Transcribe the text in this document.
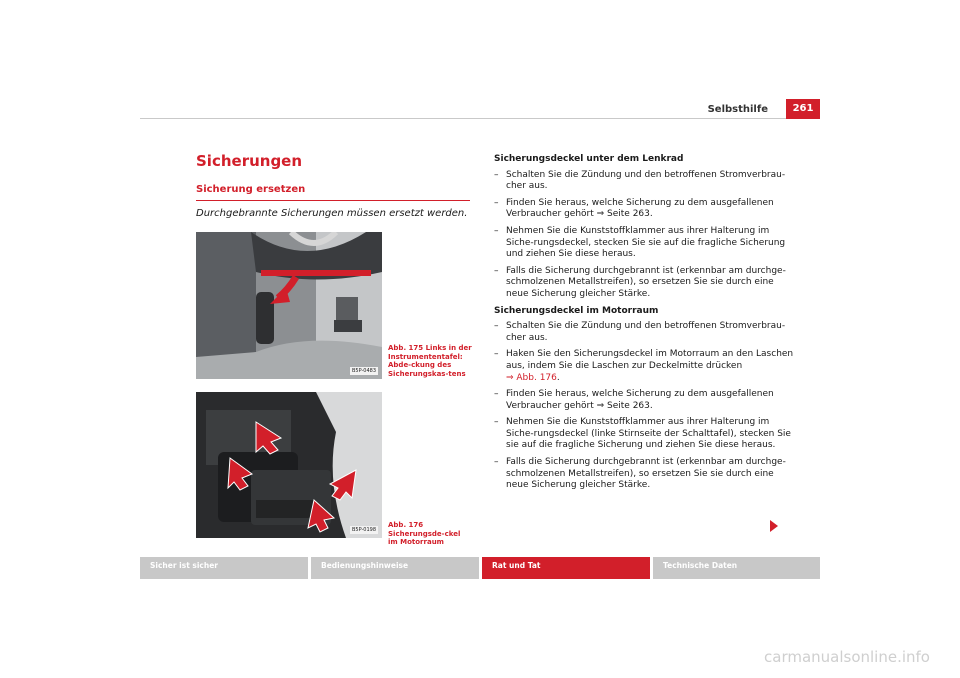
Selbsthilfe	261
Sicherungen
Sicherung ersetzen
Durchgebrannte Sicherungen müssen ersetzt werden.
B5P-0483
Abb. 175 Links in der Instrumententafel: Abde-ckung des Sicherungskas-tens
B5P-0198
Abb. 176 Sicherungsde-ckel im Motorraum
Sicherungsdeckel unter dem Lenkrad
– Schalten Sie die Zündung und den betroffenen Stromverbrau-cher aus.
– Finden Sie heraus, welche Sicherung zu dem ausgefallenen Verbraucher gehört ⇒ Seite 263.
– Nehmen Sie die Kunststoffklammer aus ihrer Halterung im Siche-rungsdeckel, stecken Sie sie auf die fragliche Sicherung und ziehen Sie diese heraus.
– Falls die Sicherung durchgebrannt ist (erkennbar am durchge-schmolzenen Metallstreifen), so ersetzen Sie sie durch eine neue Sicherung gleicher Stärke.
Sicherungsdeckel im Motorraum
– Schalten Sie die Zündung und den betroffenen Stromverbrau-cher aus.
– Haken Sie den Sicherungsdeckel im Motorraum an den Laschen aus, indem Sie die Laschen zur Deckelmitte drücken
⇒ Abb. 176.
– Finden Sie heraus, welche Sicherung zu dem ausgefallenen Verbraucher gehört ⇒ Seite 263.
– Nehmen Sie die Kunststoffklammer aus ihrer Halterung im Siche-rungsdeckel (linke Stirnseite der Schalttafel), stecken Sie sie auf die fragliche Sicherung und ziehen Sie diese heraus.
– Falls die Sicherung durchgebrannt ist (erkennbar am durchge-schmolzenen Metallstreifen), so ersetzen Sie sie durch eine neue Sicherung gleicher Stärke.
Sicher ist sicher	Bedienungshinweise	Rat und Tat	Technische Daten
carmanualsonline.info
